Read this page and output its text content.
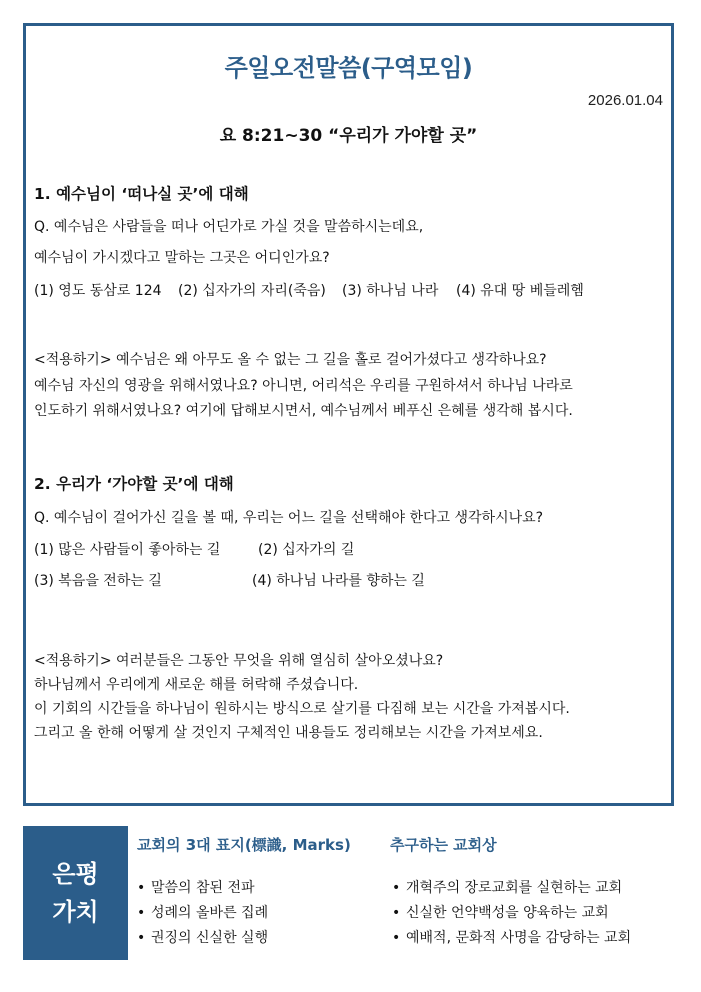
주일오전말씀(구역모임)
2026.01.04
요 8:21~30 “우리가 가야할 곳”
1. 예수님이 ‘떠나실 곳’에 대해
Q. 예수님은 사람들을 떠나 어딘가로 가실 것을 말씀하시는데요,
예수님이 가시겠다고 말하는 그곳은 어디인가요?
(1) 영도 동삼로 124 (2) 십자가의 자리(죽음) (3) 하나님 나라 (4) 유대 땅 베들레헴
<적용하기> 예수님은 왜 아무도 올 수 없는 그 길을 홀로 걸어가셨다고 생각하나요?
예수님 자신의 영광을 위해서였나요? 아니면, 어리석은 우리를 구원하셔서 하나님 나라로
인도하기 위해서였나요? 여기에 답해보시면서, 예수님께서 베푸신 은혜를 생각해 봅시다.
2. 우리가 ‘가야할 곳’에 대해
Q. 예수님이 걸어가신 길을 볼 때, 우리는 어느 길을 선택해야 한다고 생각하시나요?
(1) 많은 사람들이 좋아하는 길	(2) 십자가의 길
(3) 복음을 전하는 길	(4) 하나님 나라를 향하는 길
<적용하기> 여러분들은 그동안 무엇을 위해 열심히 살아오셨나요?
하나님께서 우리에게 새로운 해를 허락해 주셨습니다.
이 기회의 시간들을 하나님이 원하시는 방식으로 살기를 다짐해 보는 시간을 가져봅시다.
그리고 올 한해 어떻게 살 것인지 구체적인 내용들도 정리해보는 시간을 가져보세요.
은평
가치
교회의 3대 표지(標識, Marks)
• 말씀의 참된 전파
• 성례의 올바른 집례
• 권징의 신실한 실행
추구하는 교회상
• 개혁주의 장로교회를 실현하는 교회
• 신실한 언약백성을 양육하는 교회
• 예배적, 문화적 사명을 감당하는 교회
